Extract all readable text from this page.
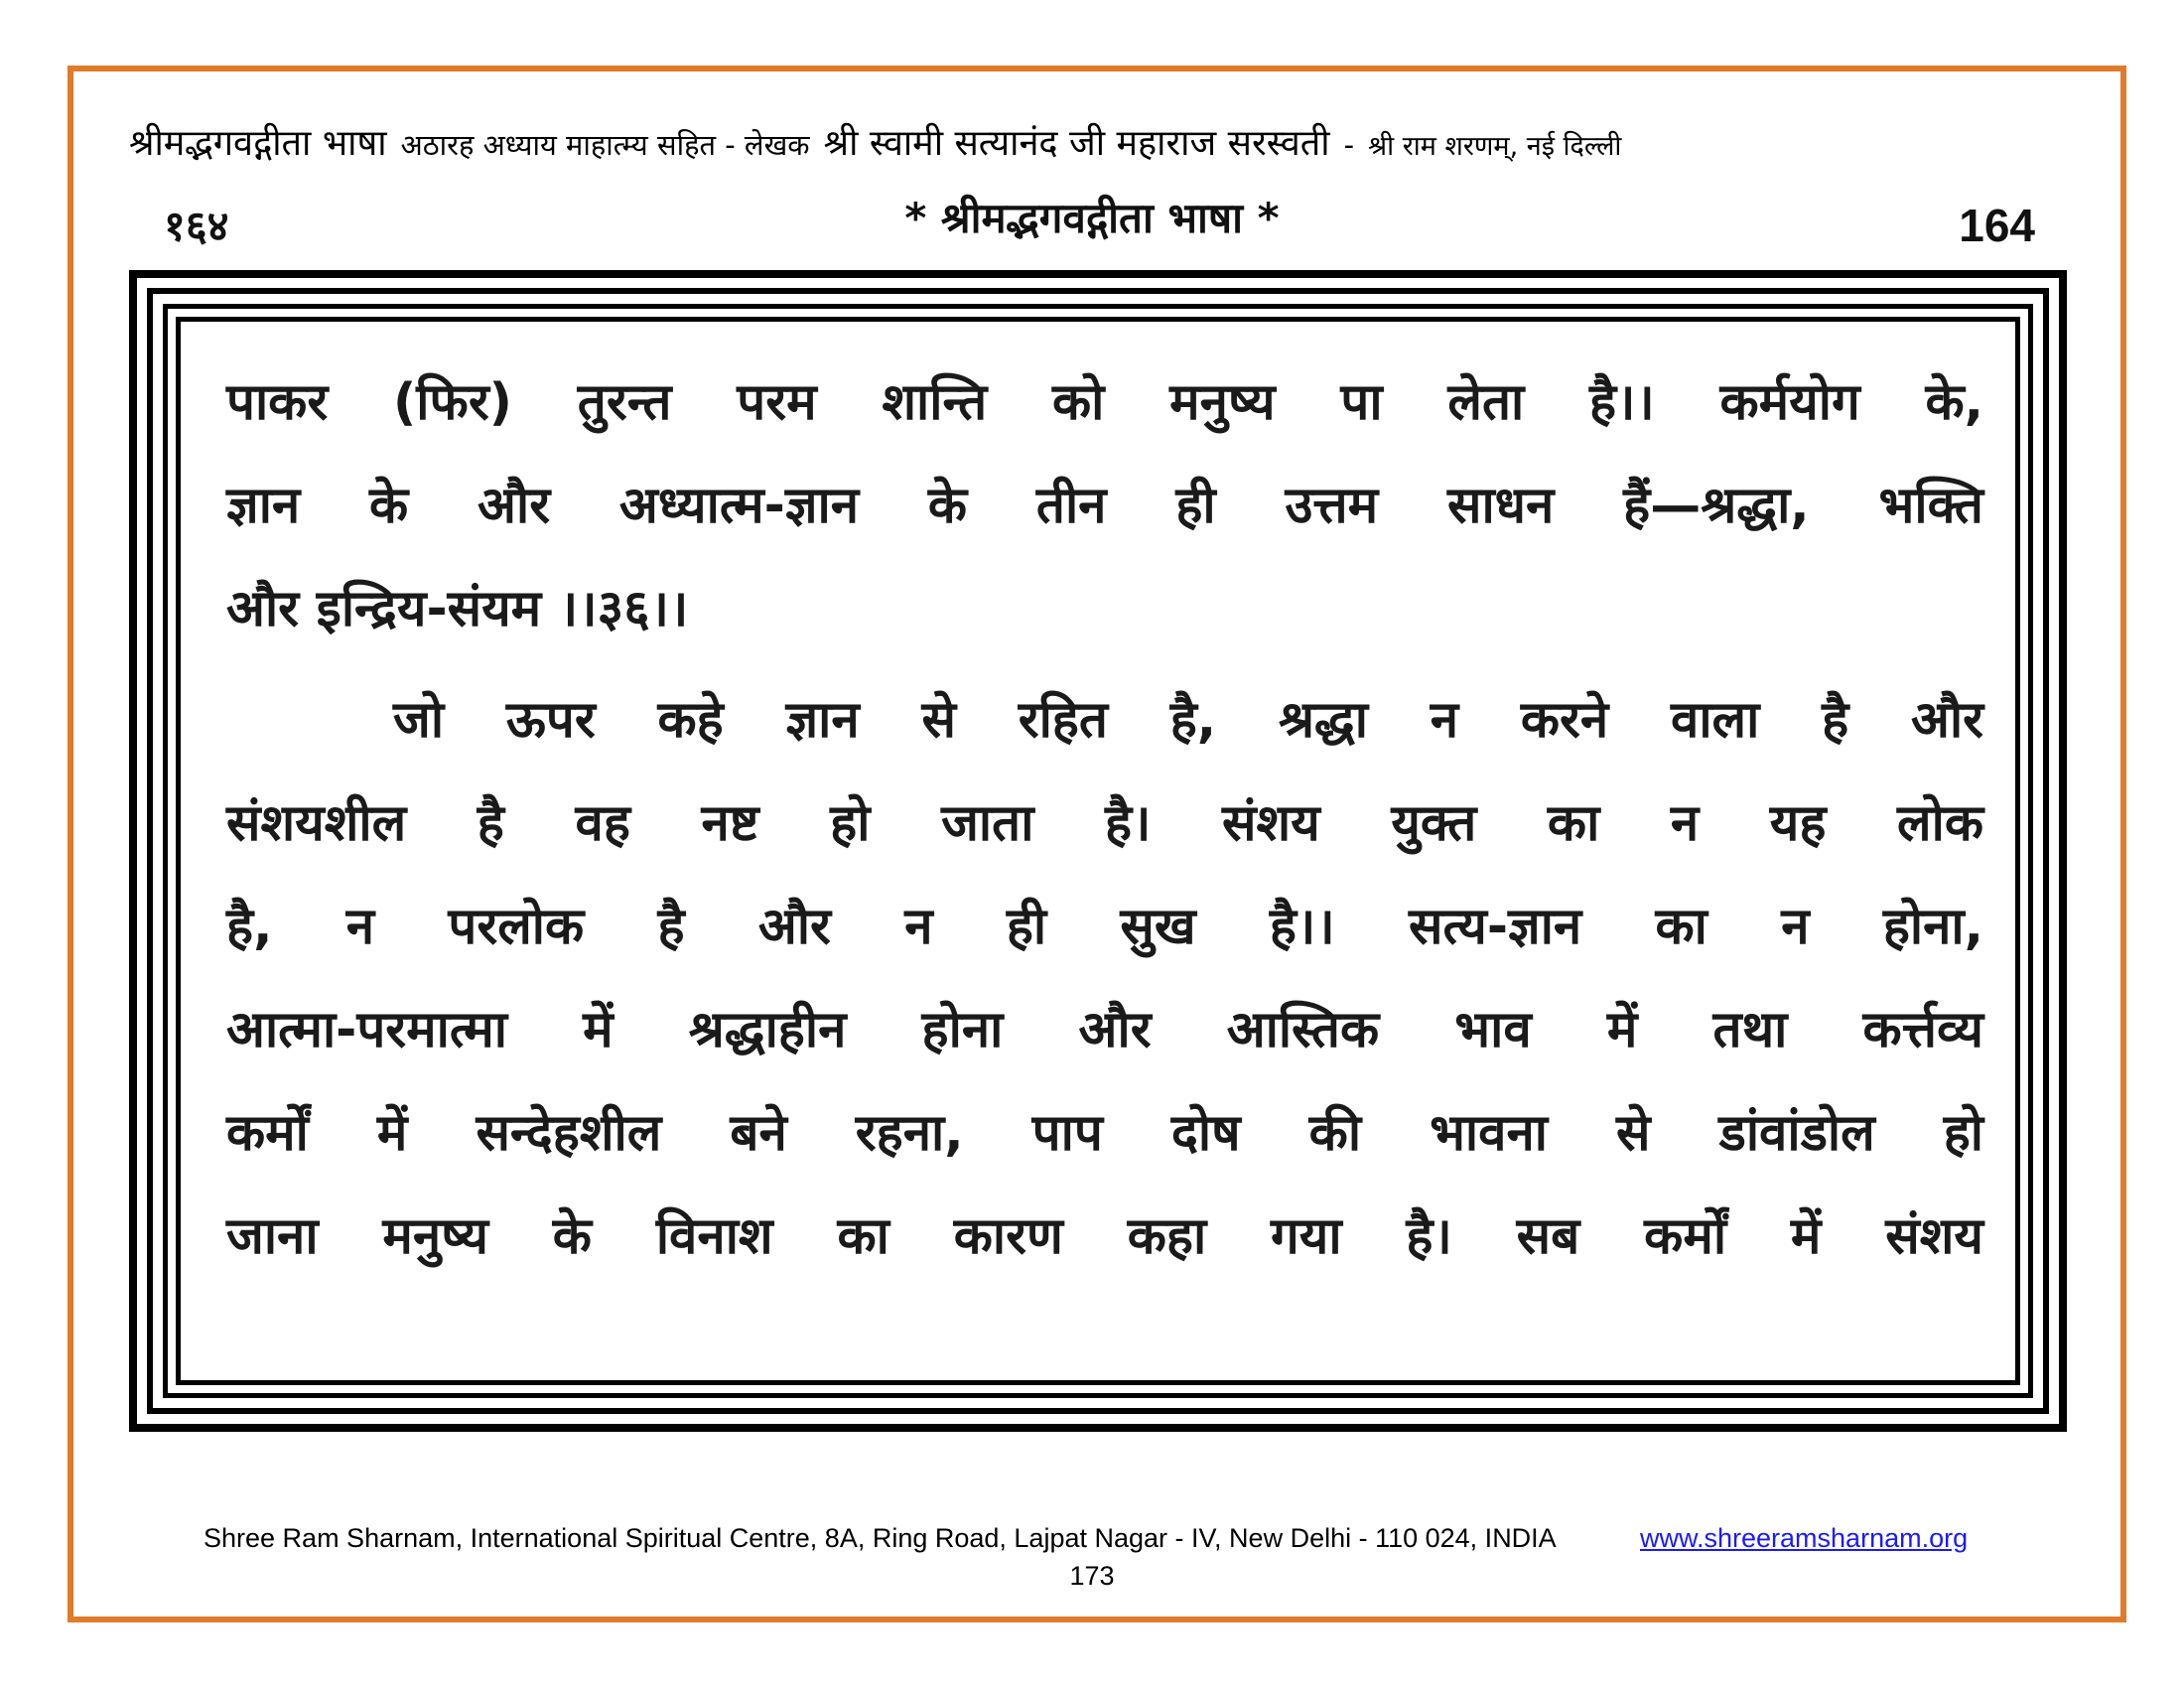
श्रीमद्भगवद्गीता भाषा अठारह अध्याय माहात्म्य सहित - लेखक श्री स्वामी सत्यानंद जी महाराज सरस्वती - श्री राम शरणम्, नई दिल्ली
१६४	* श्रीमद्भगवद्गीता भाषा *	164
पाकर (फिर) तुरन्त परम शान्ति को मनुष्य पा लेता है।। कर्मयोग के,
ज्ञान के और अध्यात्म-ज्ञान के तीन ही उत्तम साधन हैं—श्रद्धा, भक्ति
और इन्द्रिय-संयम ।।३६।।
जो ऊपर कहे ज्ञान से रहित है, श्रद्धा न करने वाला है और
संशयशील है वह नष्ट हो जाता है। संशय युक्त का न यह लोक
है, न परलोक है और न ही सुख है।। सत्य-ज्ञान का न होना,
आत्मा-परमात्मा में श्रद्धाहीन होना और आस्तिक भाव में तथा कर्त्तव्य
कर्मों में सन्देहशील बने रहना, पाप दोष की भावना से डांवांडोल हो
जाना मनुष्य के विनाश का कारण कहा गया है। सब कर्मों में संशय
Shree Ram Sharnam, International Spiritual Centre, 8A, Ring Road, Lajpat Nagar - IV, New Delhi - 110 024, INDIA	www.shreeramsharnam.org
173
